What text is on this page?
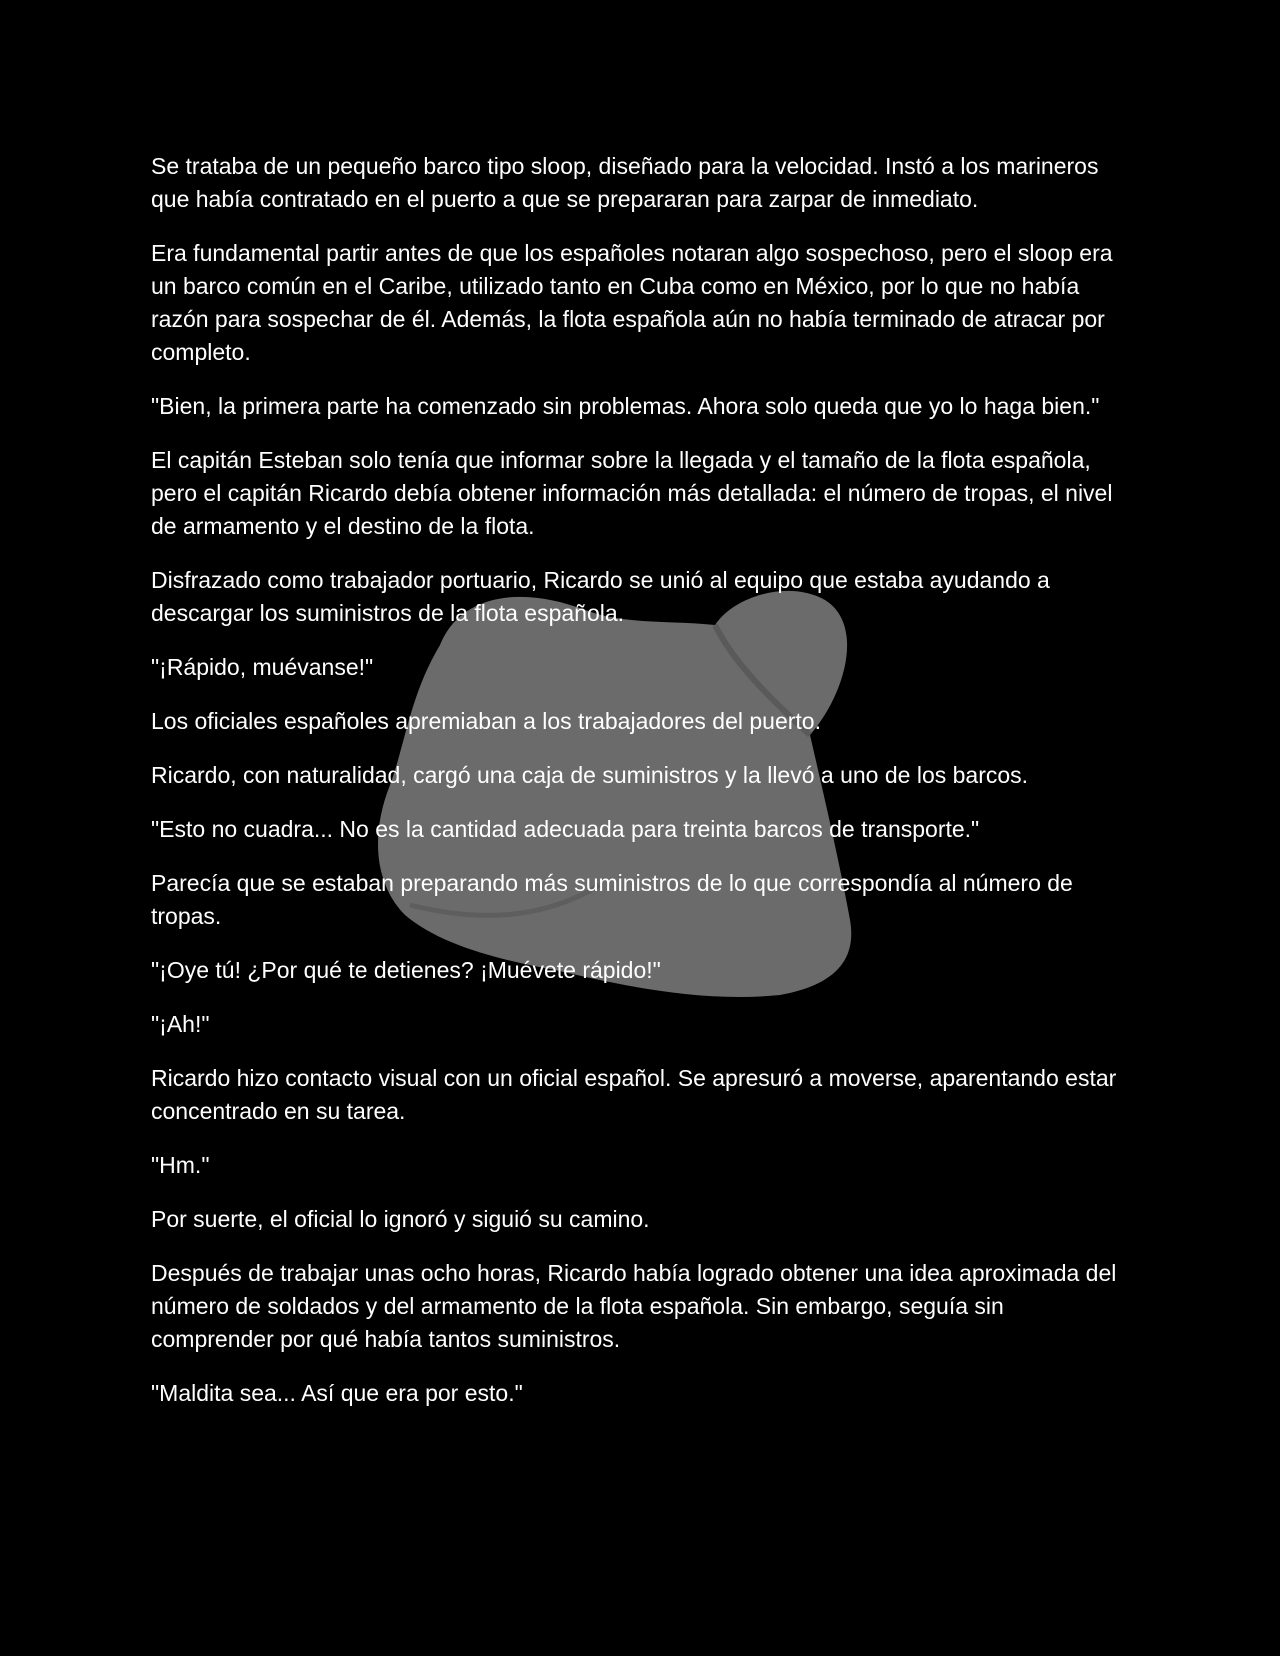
Se trataba de un pequeño barco tipo sloop, diseñado para la velocidad. Instó a los marineros que había contratado en el puerto a que se prepararan para zarpar de inmediato.

Era fundamental partir antes de que los españoles notaran algo sospechoso, pero el sloop era un barco común en el Caribe, utilizado tanto en Cuba como en México, por lo que no había razón para sospechar de él. Además, la flota española aún no había terminado de atracar por completo.

"Bien, la primera parte ha comenzado sin problemas. Ahora solo queda que yo lo haga bien."

El capitán Esteban solo tenía que informar sobre la llegada y el tamaño de la flota española, pero el capitán Ricardo debía obtener información más detallada: el número de tropas, el nivel de armamento y el destino de la flota.

Disfrazado como trabajador portuario, Ricardo se unió al equipo que estaba ayudando a descargar los suministros de la flota española.

"¡Rápido, muévanse!"

Los oficiales españoles apremiaban a los trabajadores del puerto.

Ricardo, con naturalidad, cargó una caja de suministros y la llevó a uno de los barcos.

"Esto no cuadra... No es la cantidad adecuada para treinta barcos de transporte."

Parecía que se estaban preparando más suministros de lo que correspondía al número de tropas.

"¡Oye tú! ¿Por qué te detienes? ¡Muévete rápido!"

"¡Ah!"

Ricardo hizo contacto visual con un oficial español. Se apresuró a moverse, aparentando estar concentrado en su tarea.

"Hm."

Por suerte, el oficial lo ignoró y siguió su camino.

Después de trabajar unas ocho horas, Ricardo había logrado obtener una idea aproximada del número de soldados y del armamento de la flota española. Sin embargo, seguía sin comprender por qué había tantos suministros.

"Maldita sea... Así que era por esto."
